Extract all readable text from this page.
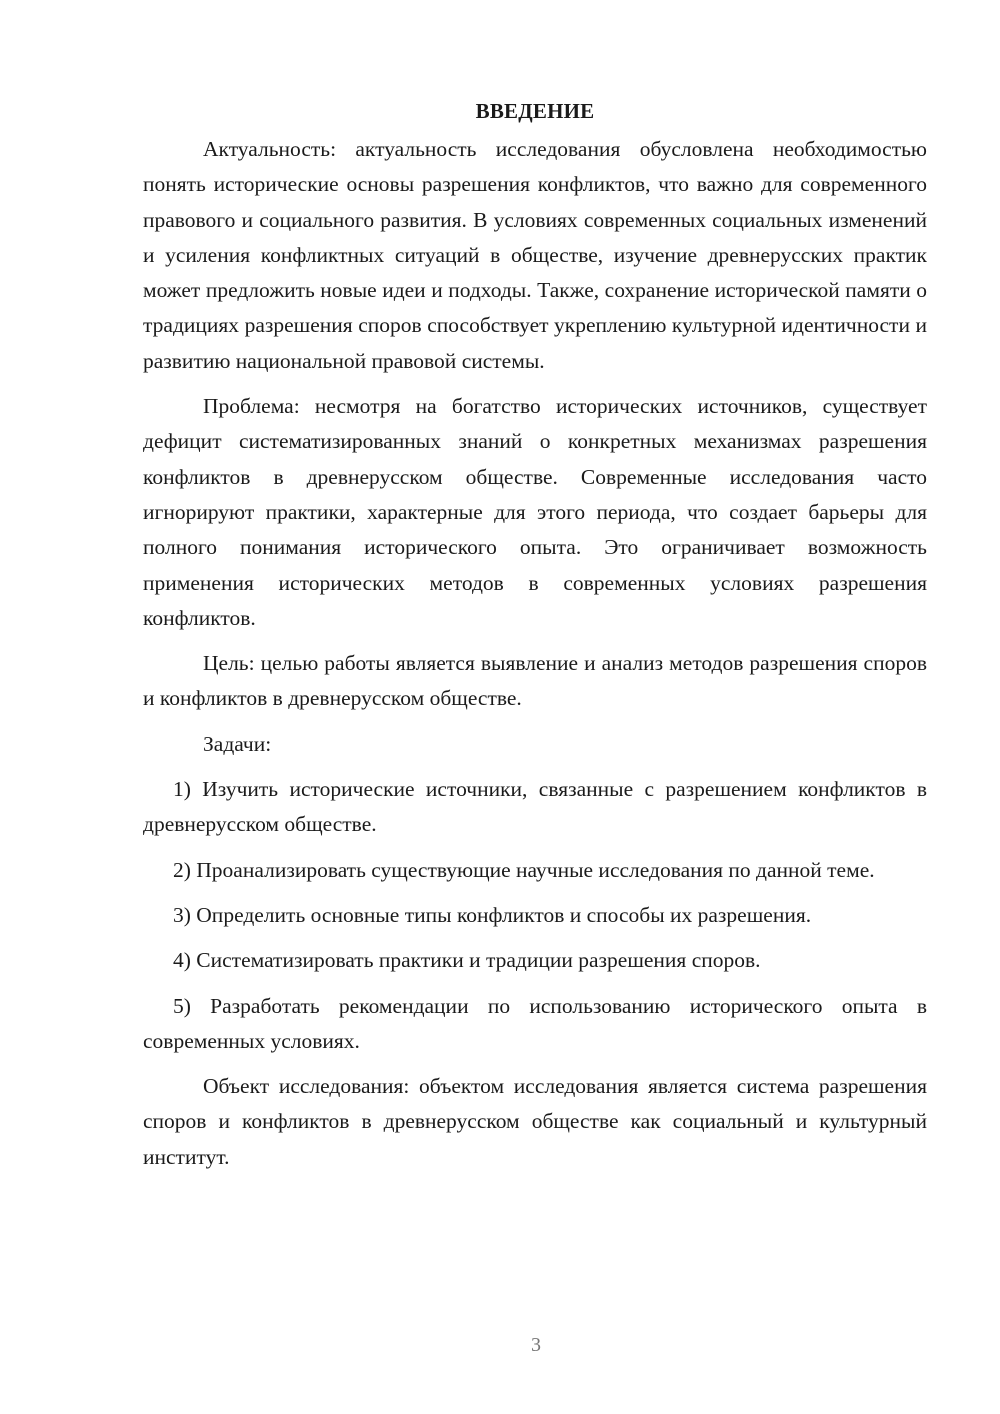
ВВЕДЕНИЕ

Актуальность: актуальность исследования обусловлена необходимостью понять исторические основы разрешения конфликтов, что важно для современного правового и социального развития. В условиях современных социальных изменений и усиления конфликтных ситуаций в обществе, изучение древнерусских практик может предложить новые идеи и подходы. Также, сохранение исторической памяти о традициях разрешения споров способствует укреплению культурной идентичности и развитию национальной правовой системы.

Проблема: несмотря на богатство исторических источников, существует дефицит систематизированных знаний о конкретных механизмах разрешения конфликтов в древнерусском обществе. Современные исследования часто игнорируют практики, характерные для этого периода, что создает барьеры для полного понимания исторического опыта. Это ограничивает возможность применения исторических методов в современных условиях разрешения конфликтов.

Цель: целью работы является выявление и анализ методов разрешения споров и конфликтов в древнерусском обществе.

Задачи:

1) Изучить исторические источники, связанные с разрешением конфликтов в древнерусском обществе.

2) Проанализировать существующие научные исследования по данной теме.

3) Определить основные типы конфликтов и способы их разрешения.

4) Систематизировать практики и традиции разрешения споров.

5) Разработать рекомендации по использованию исторического опыта в современных условиях.

Объект исследования: объектом исследования является система разрешения споров и конфликтов в древнерусском обществе как социальный и культурный институт.

3
